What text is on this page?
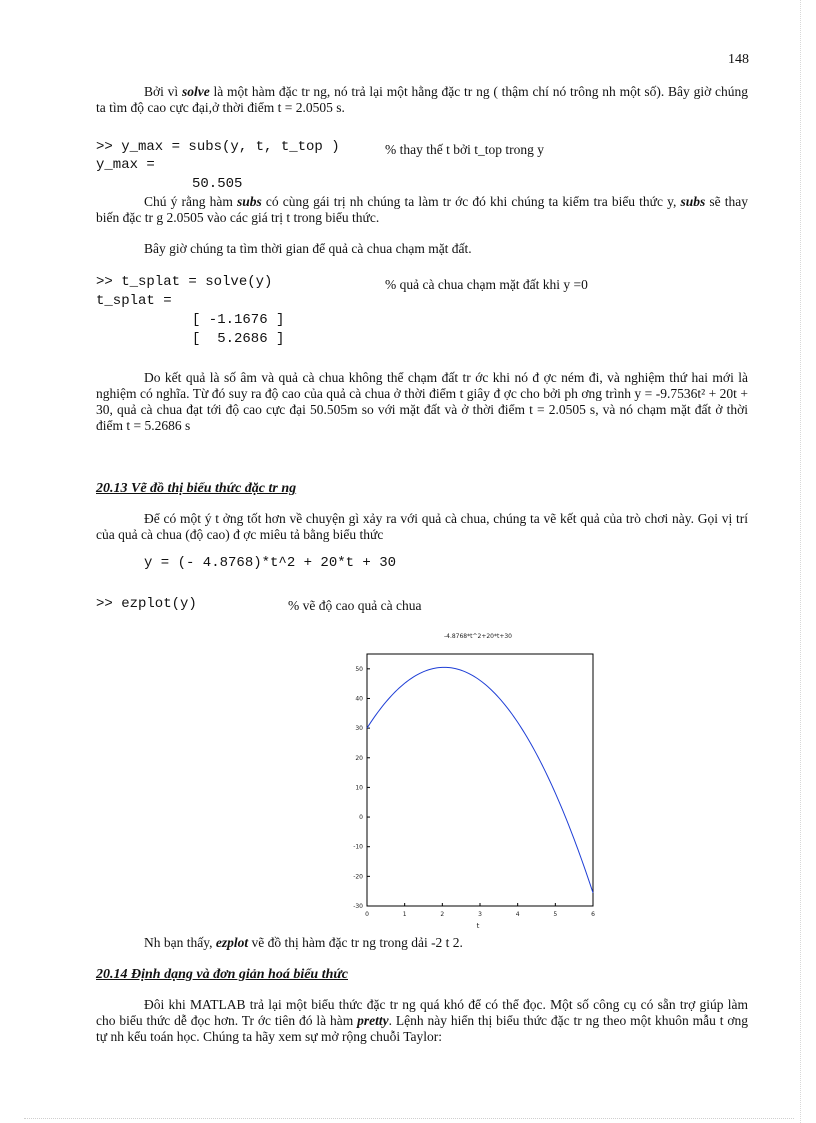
148

Bởi vì solve là một hàm đặc tr ng, nó trả lại một hằng đặc tr ng ( thậm chí nó trông nh một số). Bây giờ chúng ta tìm độ cao cực đại,ở thời điểm t = 2.0505 s.

>> y_max = subs(y, t, t_top )	% thay thế t bởi t_top trong y
y_max =
50.505

Chú ý rằng hàm subs có cùng gái trị nh chúng ta làm tr ớc đó khi chúng ta kiểm tra biểu thức y, subs sẽ thay biến đặc tr g 2.0505 vào các giá trị t trong biểu thức.

Bây giờ chúng ta tìm thời gian để quả cà chua chạm mặt đất.

>> t_splat = solve(y)	% quả cà chua chạm mặt đất khi y =0
t_splat =
[ -1.1676 ]
[  5.2686 ]

Do kết quả là số âm và quả cà chua không thể chạm đất tr ớc khi nó đ ợc ném đi, và nghiệm thứ hai mới là nghiệm có nghĩa. Từ đó suy ra độ cao của quả cà chua ở thời điểm t giây đ ợc cho bởi ph ơng trình y = -9.7536t² + 20t + 30, quả cà chua đạt tới độ cao cực đại 50.505m so với mặt đất và ở thời điểm t = 2.0505 s, và nó chạm mặt đất ở thời điểm t = 5.2686 s

20.13 Vẽ đồ thị biểu thức đặc tr ng

Để có một ý t ởng tốt hơn về chuyện gì xảy ra với quả cà chua, chúng ta vẽ kết quả của trò chơi này. Gọi vị trí của quả cà chua (độ cao) đ ợc miêu tả bằng biểu thức

y = (- 4.8768)*t^2 + 20*t + 30
>> ezplot(y)	% vẽ độ cao quả cà chua
-4.8768*t^2+20*t+30
0	1	2	3	4	5	6
50
40
30
20
10
0
-10
-20
-30
t

Nh bạn thấy, ezplot vẽ đồ thị hàm đặc tr ng trong dải -2 t 2.

20.14 Định dạng và đơn giản hoá biểu thức

Đôi khi MATLAB trả lại một biểu thức đặc tr ng quá khó để có thể đọc. Một số công cụ có sẵn trợ giúp làm cho biểu thức dễ đọc hơn. Tr ớc tiên đó là hàm pretty. Lệnh này hiển thị biểu thức đặc tr ng theo một khuôn mẫu t ơng tự nh kểu toán học. Chúng ta hãy xem sự mở rộng chuỗi Taylor:
